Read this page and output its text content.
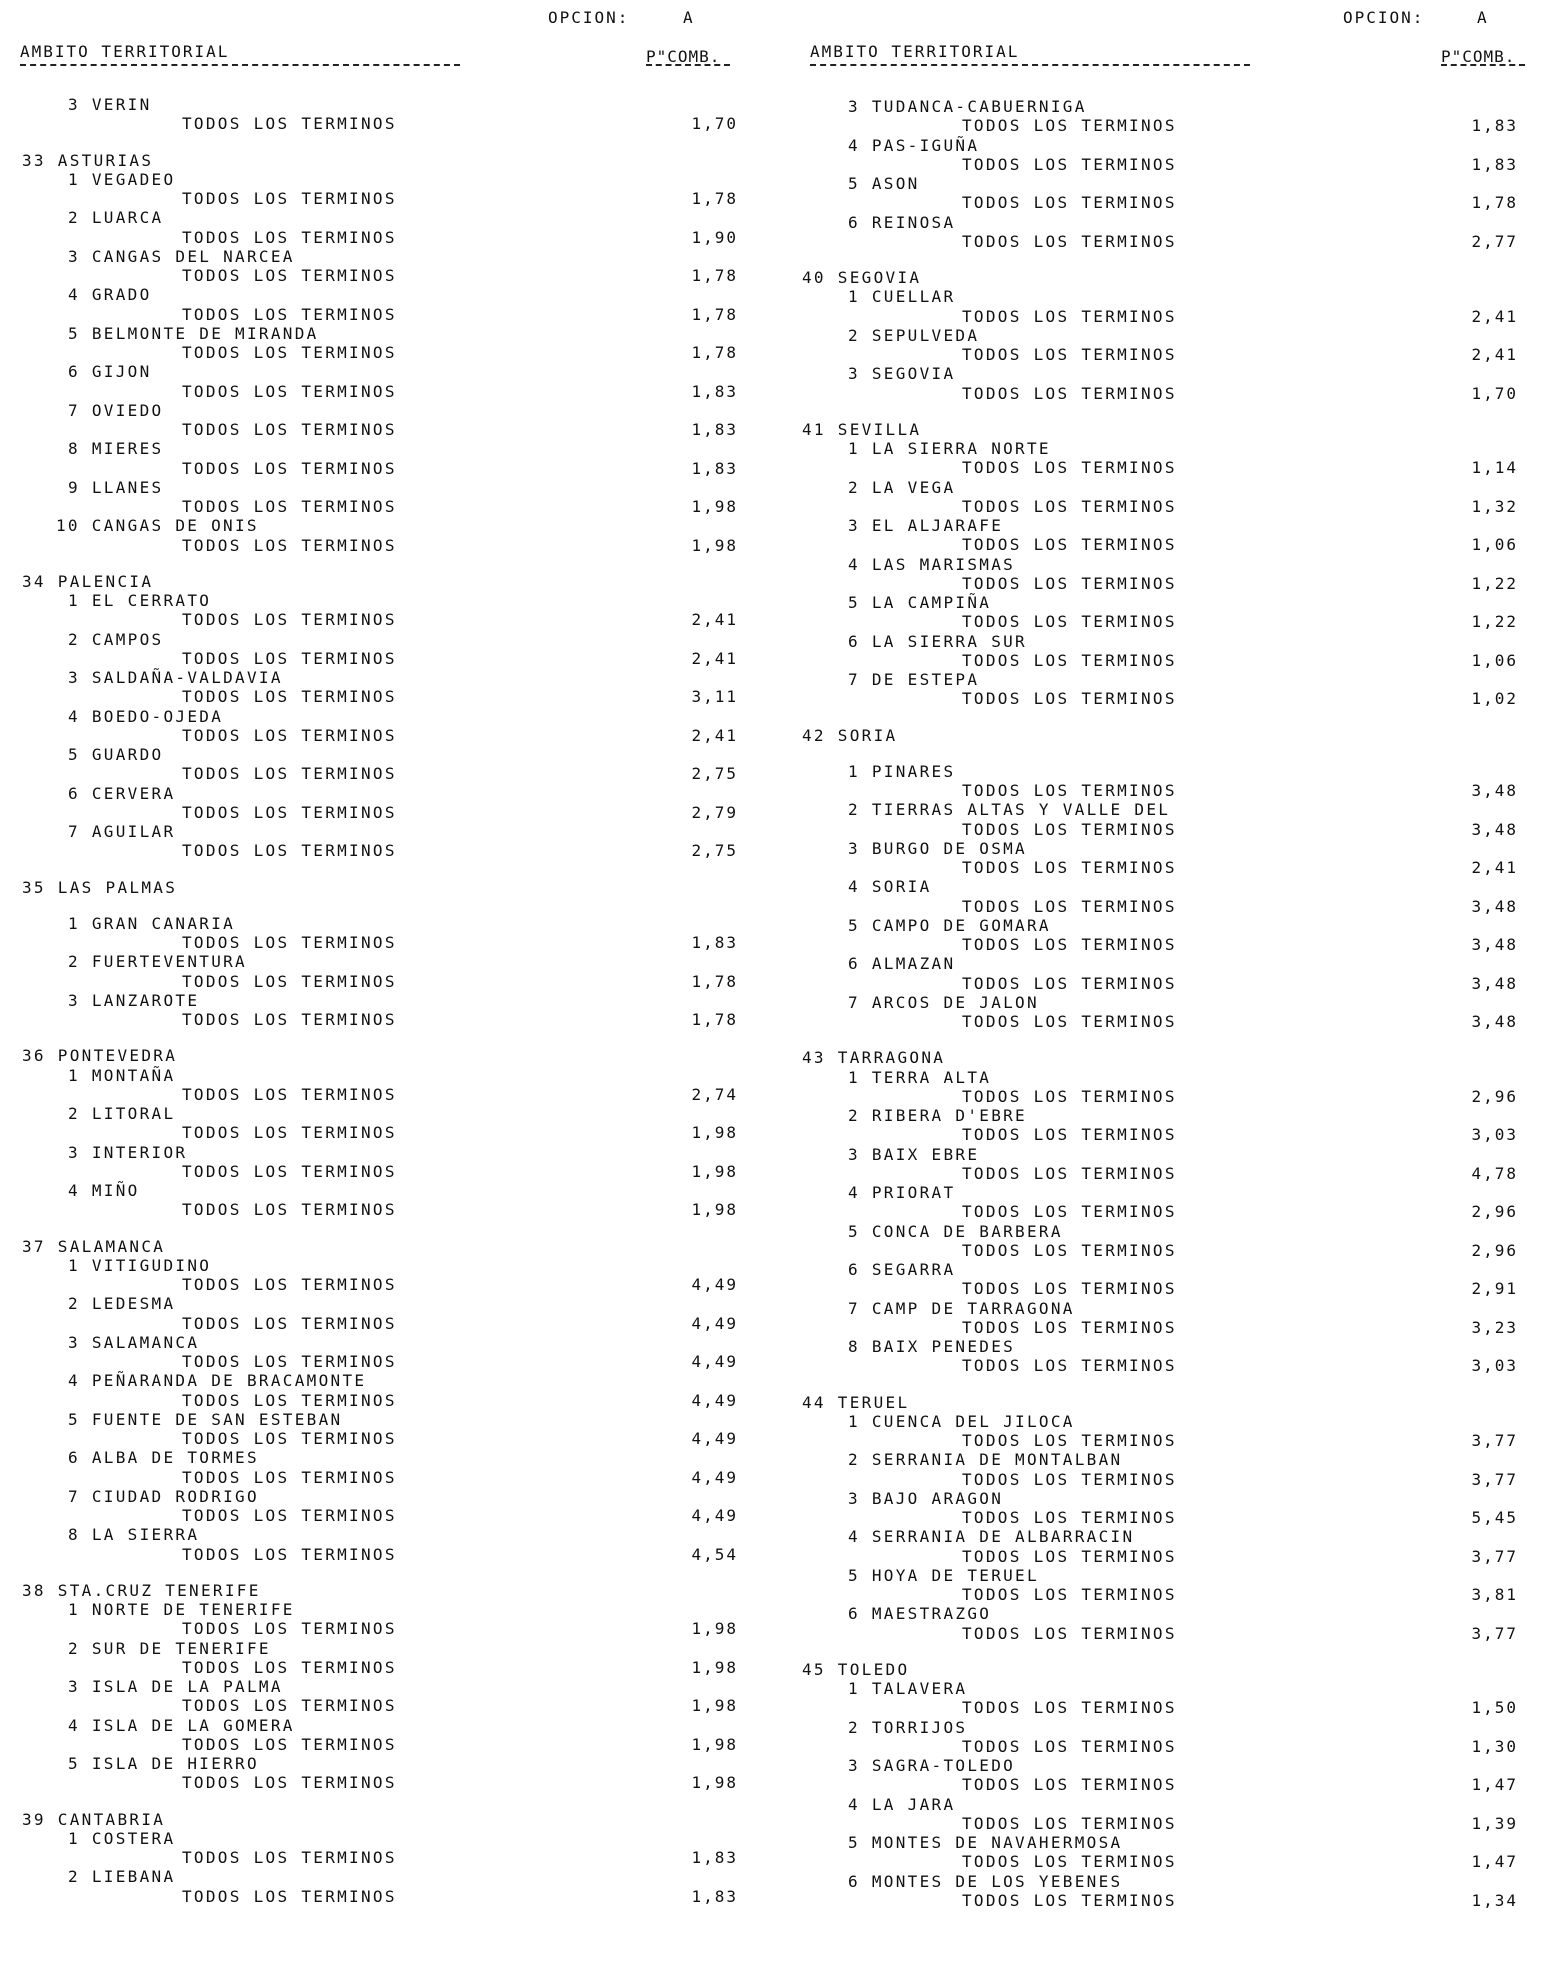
OPCION:	A
AMBITO TERRITORIAL	P"COMB.
3 VERIN
TODOS LOS TERMINOS	1,70
33 ASTURIAS
1 VEGADEO
TODOS LOS TERMINOS	1,78
2 LUARCA
TODOS LOS TERMINOS	1,90
3 CANGAS DEL NARCEA
TODOS LOS TERMINOS	1,78
4 GRADO
TODOS LOS TERMINOS	1,78
5 BELMONTE DE MIRANDA
TODOS LOS TERMINOS	1,78
6 GIJON
TODOS LOS TERMINOS	1,83
7 OVIEDO
TODOS LOS TERMINOS	1,83
8 MIERES
TODOS LOS TERMINOS	1,83
9 LLANES
TODOS LOS TERMINOS	1,98
10 CANGAS DE ONIS
TODOS LOS TERMINOS	1,98
34 PALENCIA
1 EL CERRATO
TODOS LOS TERMINOS	2,41
2 CAMPOS
TODOS LOS TERMINOS	2,41
3 SALDAÑA-VALDAVIA
TODOS LOS TERMINOS	3,11
4 BOEDO-OJEDA
TODOS LOS TERMINOS	2,41
5 GUARDO
TODOS LOS TERMINOS	2,75
6 CERVERA
TODOS LOS TERMINOS	2,79
7 AGUILAR
TODOS LOS TERMINOS	2,75
35 LAS PALMAS
1 GRAN CANARIA
TODOS LOS TERMINOS	1,83
2 FUERTEVENTURA
TODOS LOS TERMINOS	1,78
3 LANZAROTE
TODOS LOS TERMINOS	1,78
36 PONTEVEDRA
1 MONTAÑA
TODOS LOS TERMINOS	2,74
2 LITORAL
TODOS LOS TERMINOS	1,98
3 INTERIOR
TODOS LOS TERMINOS	1,98
4 MIÑO
TODOS LOS TERMINOS	1,98
37 SALAMANCA
1 VITIGUDINO
TODOS LOS TERMINOS	4,49
2 LEDESMA
TODOS LOS TERMINOS	4,49
3 SALAMANCA
TODOS LOS TERMINOS	4,49
4 PEÑARANDA DE BRACAMONTE
TODOS LOS TERMINOS	4,49
5 FUENTE DE SAN ESTEBAN
TODOS LOS TERMINOS	4,49
6 ALBA DE TORMES
TODOS LOS TERMINOS	4,49
7 CIUDAD RODRIGO
TODOS LOS TERMINOS	4,49
8 LA SIERRA
TODOS LOS TERMINOS	4,54
38 STA.CRUZ TENERIFE
1 NORTE DE TENERIFE
TODOS LOS TERMINOS	1,98
2 SUR DE TENERIFE
TODOS LOS TERMINOS	1,98
3 ISLA DE LA PALMA
TODOS LOS TERMINOS	1,98
4 ISLA DE LA GOMERA
TODOS LOS TERMINOS	1,98
5 ISLA DE HIERRO
TODOS LOS TERMINOS	1,98
39 CANTABRIA
1 COSTERA
TODOS LOS TERMINOS	1,83
2 LIEBANA
TODOS LOS TERMINOS	1,83
OPCION:	A
AMBITO TERRITORIAL	P"COMB.
3 TUDANCA-CABUERNIGA
TODOS LOS TERMINOS	1,83
4 PAS-IGUÑA
TODOS LOS TERMINOS	1,83
5 ASON
TODOS LOS TERMINOS	1,78
6 REINOSA
TODOS LOS TERMINOS	2,77
40 SEGOVIA
1 CUELLAR
TODOS LOS TERMINOS	2,41
2 SEPULVEDA
TODOS LOS TERMINOS	2,41
3 SEGOVIA
TODOS LOS TERMINOS	1,70
41 SEVILLA
1 LA SIERRA NORTE
TODOS LOS TERMINOS	1,14
2 LA VEGA
TODOS LOS TERMINOS	1,32
3 EL ALJARAFE
TODOS LOS TERMINOS	1,06
4 LAS MARISMAS
TODOS LOS TERMINOS	1,22
5 LA CAMPIÑA
TODOS LOS TERMINOS	1,22
6 LA SIERRA SUR
TODOS LOS TERMINOS	1,06
7 DE ESTEPA
TODOS LOS TERMINOS	1,02
42 SORIA
1 PINARES
TODOS LOS TERMINOS	3,48
2 TIERRAS ALTAS Y VALLE DEL
TODOS LOS TERMINOS	3,48
3 BURGO DE OSMA
TODOS LOS TERMINOS	2,41
4 SORIA
TODOS LOS TERMINOS	3,48
5 CAMPO DE GOMARA
TODOS LOS TERMINOS	3,48
6 ALMAZAN
TODOS LOS TERMINOS	3,48
7 ARCOS DE JALON
TODOS LOS TERMINOS	3,48
43 TARRAGONA
1 TERRA ALTA
TODOS LOS TERMINOS	2,96
2 RIBERA D'EBRE
TODOS LOS TERMINOS	3,03
3 BAIX EBRE
TODOS LOS TERMINOS	4,78
4 PRIORAT
TODOS LOS TERMINOS	2,96
5 CONCA DE BARBERA
TODOS LOS TERMINOS	2,96
6 SEGARRA
TODOS LOS TERMINOS	2,91
7 CAMP DE TARRAGONA
TODOS LOS TERMINOS	3,23
8 BAIX PENEDES
TODOS LOS TERMINOS	3,03
44 TERUEL
1 CUENCA DEL JILOCA
TODOS LOS TERMINOS	3,77
2 SERRANIA DE MONTALBAN
TODOS LOS TERMINOS	3,77
3 BAJO ARAGON
TODOS LOS TERMINOS	5,45
4 SERRANIA DE ALBARRACIN
TODOS LOS TERMINOS	3,77
5 HOYA DE TERUEL
TODOS LOS TERMINOS	3,81
6 MAESTRAZGO
TODOS LOS TERMINOS	3,77
45 TOLEDO
1 TALAVERA
TODOS LOS TERMINOS	1,50
2 TORRIJOS
TODOS LOS TERMINOS	1,30
3 SAGRA-TOLEDO
TODOS LOS TERMINOS	1,47
4 LA JARA
TODOS LOS TERMINOS	1,39
5 MONTES DE NAVAHERMOSA
TODOS LOS TERMINOS	1,47
6 MONTES DE LOS YEBENES
TODOS LOS TERMINOS	1,34
